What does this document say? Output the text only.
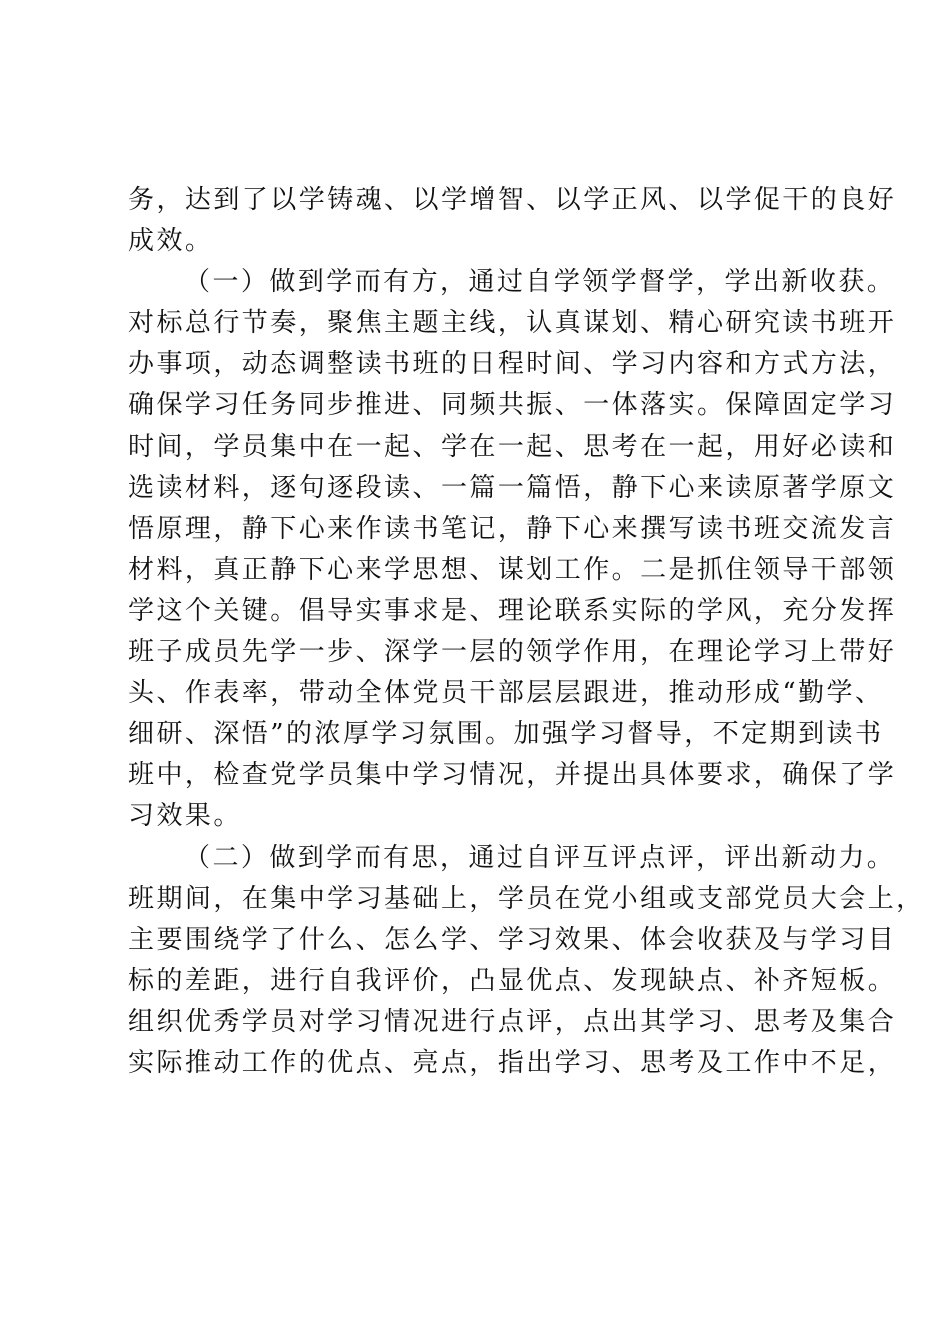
务，达到了以学铸魂、以学增智、以学正风、以学促干的良好
成效。
（一）做到学而有方，通过自学领学督学，学出新收获。
对标总行节奏，聚焦主题主线，认真谋划、精心研究读书班开
办事项，动态调整读书班的日程时间、学习内容和方式方法，
确保学习任务同步推进、同频共振、一体落实。保障固定学习
时间，学员集中在一起、学在一起、思考在一起，用好必读和
选读材料，逐句逐段读、一篇一篇悟，静下心来读原著学原文
悟原理，静下心来作读书笔记，静下心来撰写读书班交流发言
材料，真正静下心来学思想、谋划工作。二是抓住领导干部领
学这个关键。倡导实事求是、理论联系实际的学风，充分发挥
班子成员先学一步、深学一层的领学作用，在理论学习上带好
头、作表率，带动全体党员干部层层跟进，推动形成“勤学、
细研、深悟”的浓厚学习氛围。加强学习督导，不定期到读书
班中，检查党学员集中学习情况，并提出具体要求，确保了学
习效果。
（二）做到学而有思，通过自评互评点评，评出新动力。
班期间，在集中学习基础上，学员在党小组或支部党员大会上，
主要围绕学了什么、怎么学、学习效果、体会收获及与学习目
标的差距，进行自我评价，凸显优点、发现缺点、补齐短板。
组织优秀学员对学习情况进行点评，点出其学习、思考及集合
实际推动工作的优点、亮点，指出学习、思考及工作中不足，
